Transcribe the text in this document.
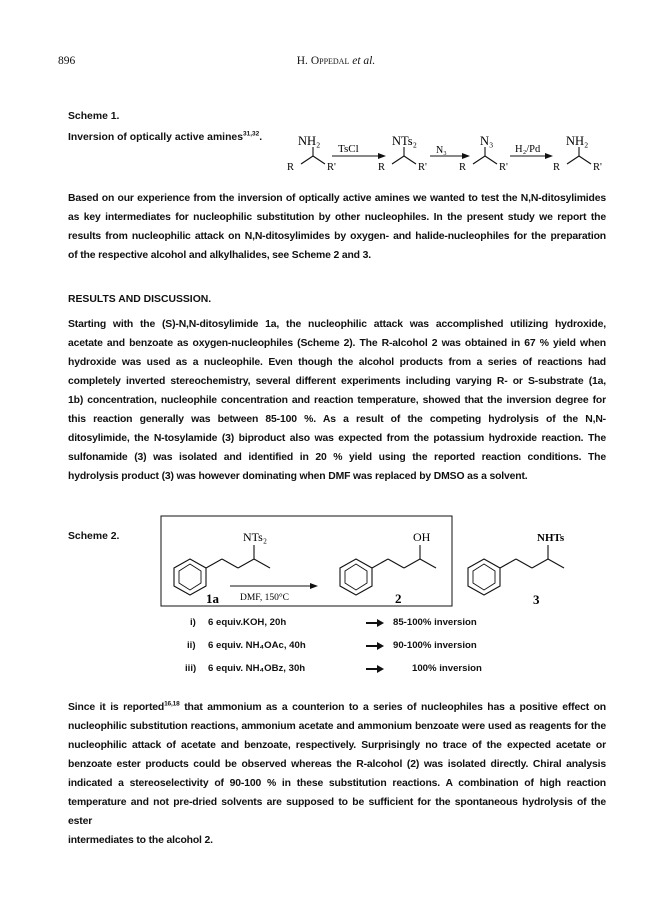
896	H. Oppedal et al.
Scheme 1.
Inversion of optically active amines$^{31,32}$.	NH₂
R	R'
TsCl
NTs₂
R	R'
N₃
N₃
R	R'
H₂/Pd
NH₂
R	R'
Based on our experience from the inversion of optically active amines we wanted to test the N,N-ditosylimides
as key intermediates for nucleophilic substitution by other nucleophiles. In the present study we report the
results from nucleophilic attack on N,N-ditosylimides by oxygen- and halide-nucleophiles for the preparation
of the respective alcohol and alkylhalides, see Scheme 2 and 3.
RESULTS AND DISCUSSION.
Starting with the (S)-N,N-ditosylimide 1a, the nucleophilic attack was accomplished utilizing hydroxide,
acetate and benzoate as oxygen-nucleophiles (Scheme 2). The R-alcohol 2 was obtained in 67 % yield when
hydroxide was used as a nucleophile. Even though the alcohol products from a series of reactions had
completely inverted stereochemistry, several different experiments including varying R- or S-substrate (1a,
1b) concentration, nucleophile concentration and reaction temperature, showed that the inversion degree for
this reaction generally was between 85-100 %. As a result of the competing hydrolysis of the N,N-
ditosylimide, the N-tosylamide (3) biproduct also was expected from the potassium hydroxide reaction. The
sulfonamide (3) was isolated and identified in 20 % yield using the reported reaction conditions. The
hydrolysis product (3) was however dominating when DMF was replaced by DMSO as a solvent.
Scheme 2.	NTs₂
1a DMF, 150°C
OH
2
NHTs
3
i) 6 equiv.KOH, 20h	85-100% inversion
ii) 6 equiv. NH₄OAc, 40h	90-100% inversion
iii) 6 equiv. NH₄OBz, 30h	100% inversion
Since it is reported$^{16,18}$ that ammonium as a counterion to a series of nucleophiles has a positive effect on
nucleophilic substitution reactions, ammonium acetate and ammonium benzoate were used as reagents for the
nucleophilic attack of acetate and benzoate, respectively. Surprisingly no trace of the expected acetate or
benzoate ester products could be observed whereas the R-alcohol (2) was isolated directly. Chiral analysis
indicated a stereoselectivity of 90-100 % in these substitution reactions. A combination of high reaction
temperature and not pre-dried solvents are supposed to be sufficient for the spontaneous hydrolysis of the ester
intermediates to the alcohol 2.
